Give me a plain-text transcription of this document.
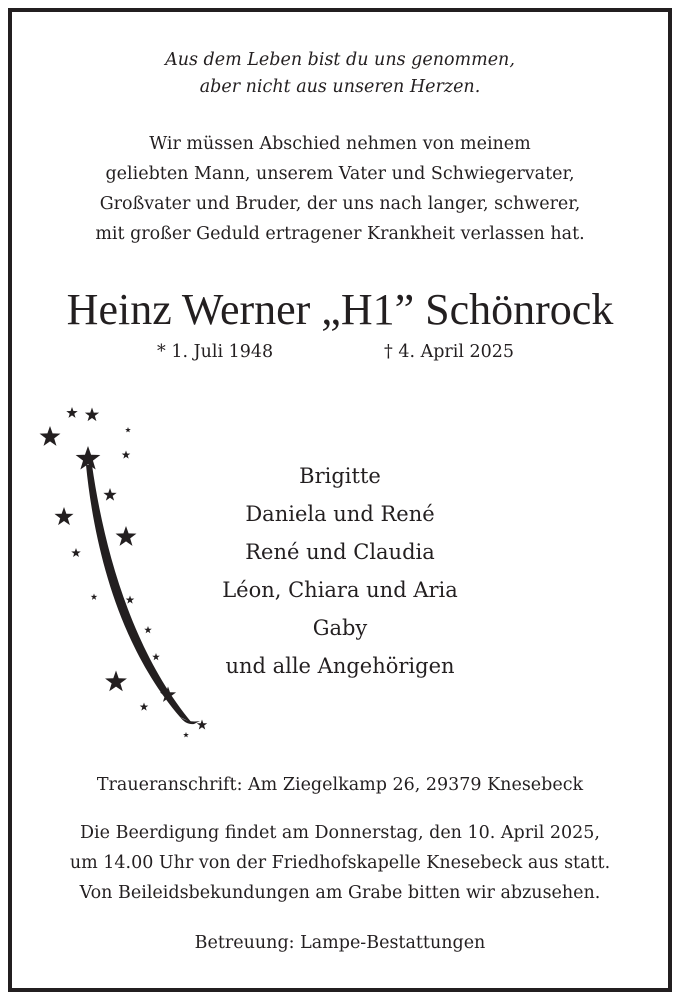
Aus dem Leben bist du uns genommen,
aber nicht aus unseren Herzen.
Wir müssen Abschied nehmen von meinem
geliebten Mann, unserem Vater und Schwiegervater,
Großvater und Bruder, der uns nach langer, schwerer,
mit großer Geduld ertragener Krankheit verlassen hat.
Heinz Werner „H1” Schönrock
* 1. Juli 1948	† 4. April 2025
Brigitte
Daniela und René
René und Claudia
Léon, Chiara und Aria
Gaby
und alle Angehörigen
Traueranschrift: Am Ziegelkamp 26, 29379 Knesebeck
Die Beerdigung findet am Donnerstag, den 10. April 2025,
um 14.00 Uhr von der Friedhofskapelle Knesebeck aus statt.
Von Beileidsbekundungen am Grabe bitten wir abzusehen.
Betreuung: Lampe-Bestattungen
